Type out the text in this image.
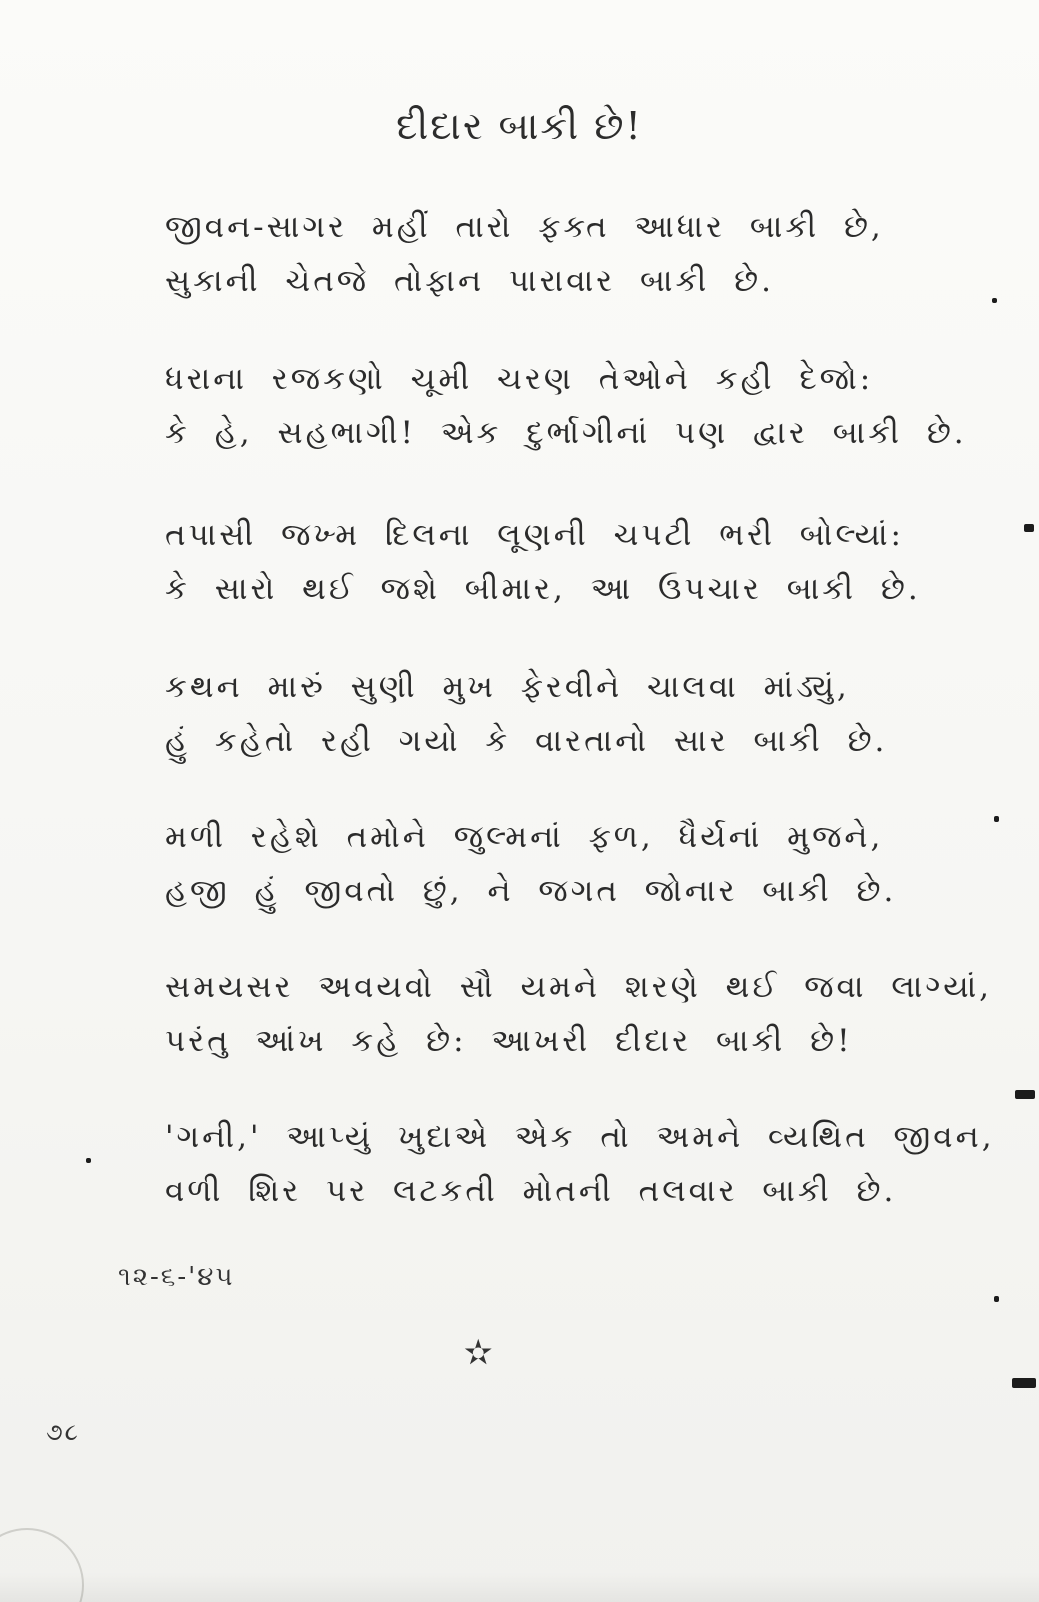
દીદાર બાકી છે!
જીવન-સાગર મહીં તારો ફક્ત આધાર બાકી છે,
સુકાની ચેતજે તોફાન પારાવાર બાકી છે.
ધરાના રજકણો ચૂમી ચરણ તેઓને કહી દેજો:
કે હે, સહભાગી! એક દુર્ભાગીનાં પણ દ્વાર બાકી છે.
તપાસી જખ્મ દિલના લૂણની ચપટી ભરી બોલ્યાં:
કે સારો થઈ જશે બીમાર, આ ઉપચાર બાકી છે.
કથન મારું સુણી મુખ ફેરવીને ચાલવા માંડ્યું,
હું કહેતો રહી ગયો કે વારતાનો સાર બાકી છે.
મળી રહેશે તમોને જુલ્મનાં ફળ, ધૈર્યનાં મુજને,
હજી હું જીવતો છું, ને જગત જોનાર બાકી છે.
સમયસર અવયવો સૌ યમને શરણે થઈ જવા લાગ્યાં,
પરંતુ આંખ કહે છે: આખરી દીદાર બાકી છે!
'ગની,' આપ્યું ખુદાએ એક તો અમને વ્યથિત જીવન,
વળી શિર પર લટકતી મોતની તલવાર બાકી છે.
૧૨-૬-'૪૫
✫
૭૮
